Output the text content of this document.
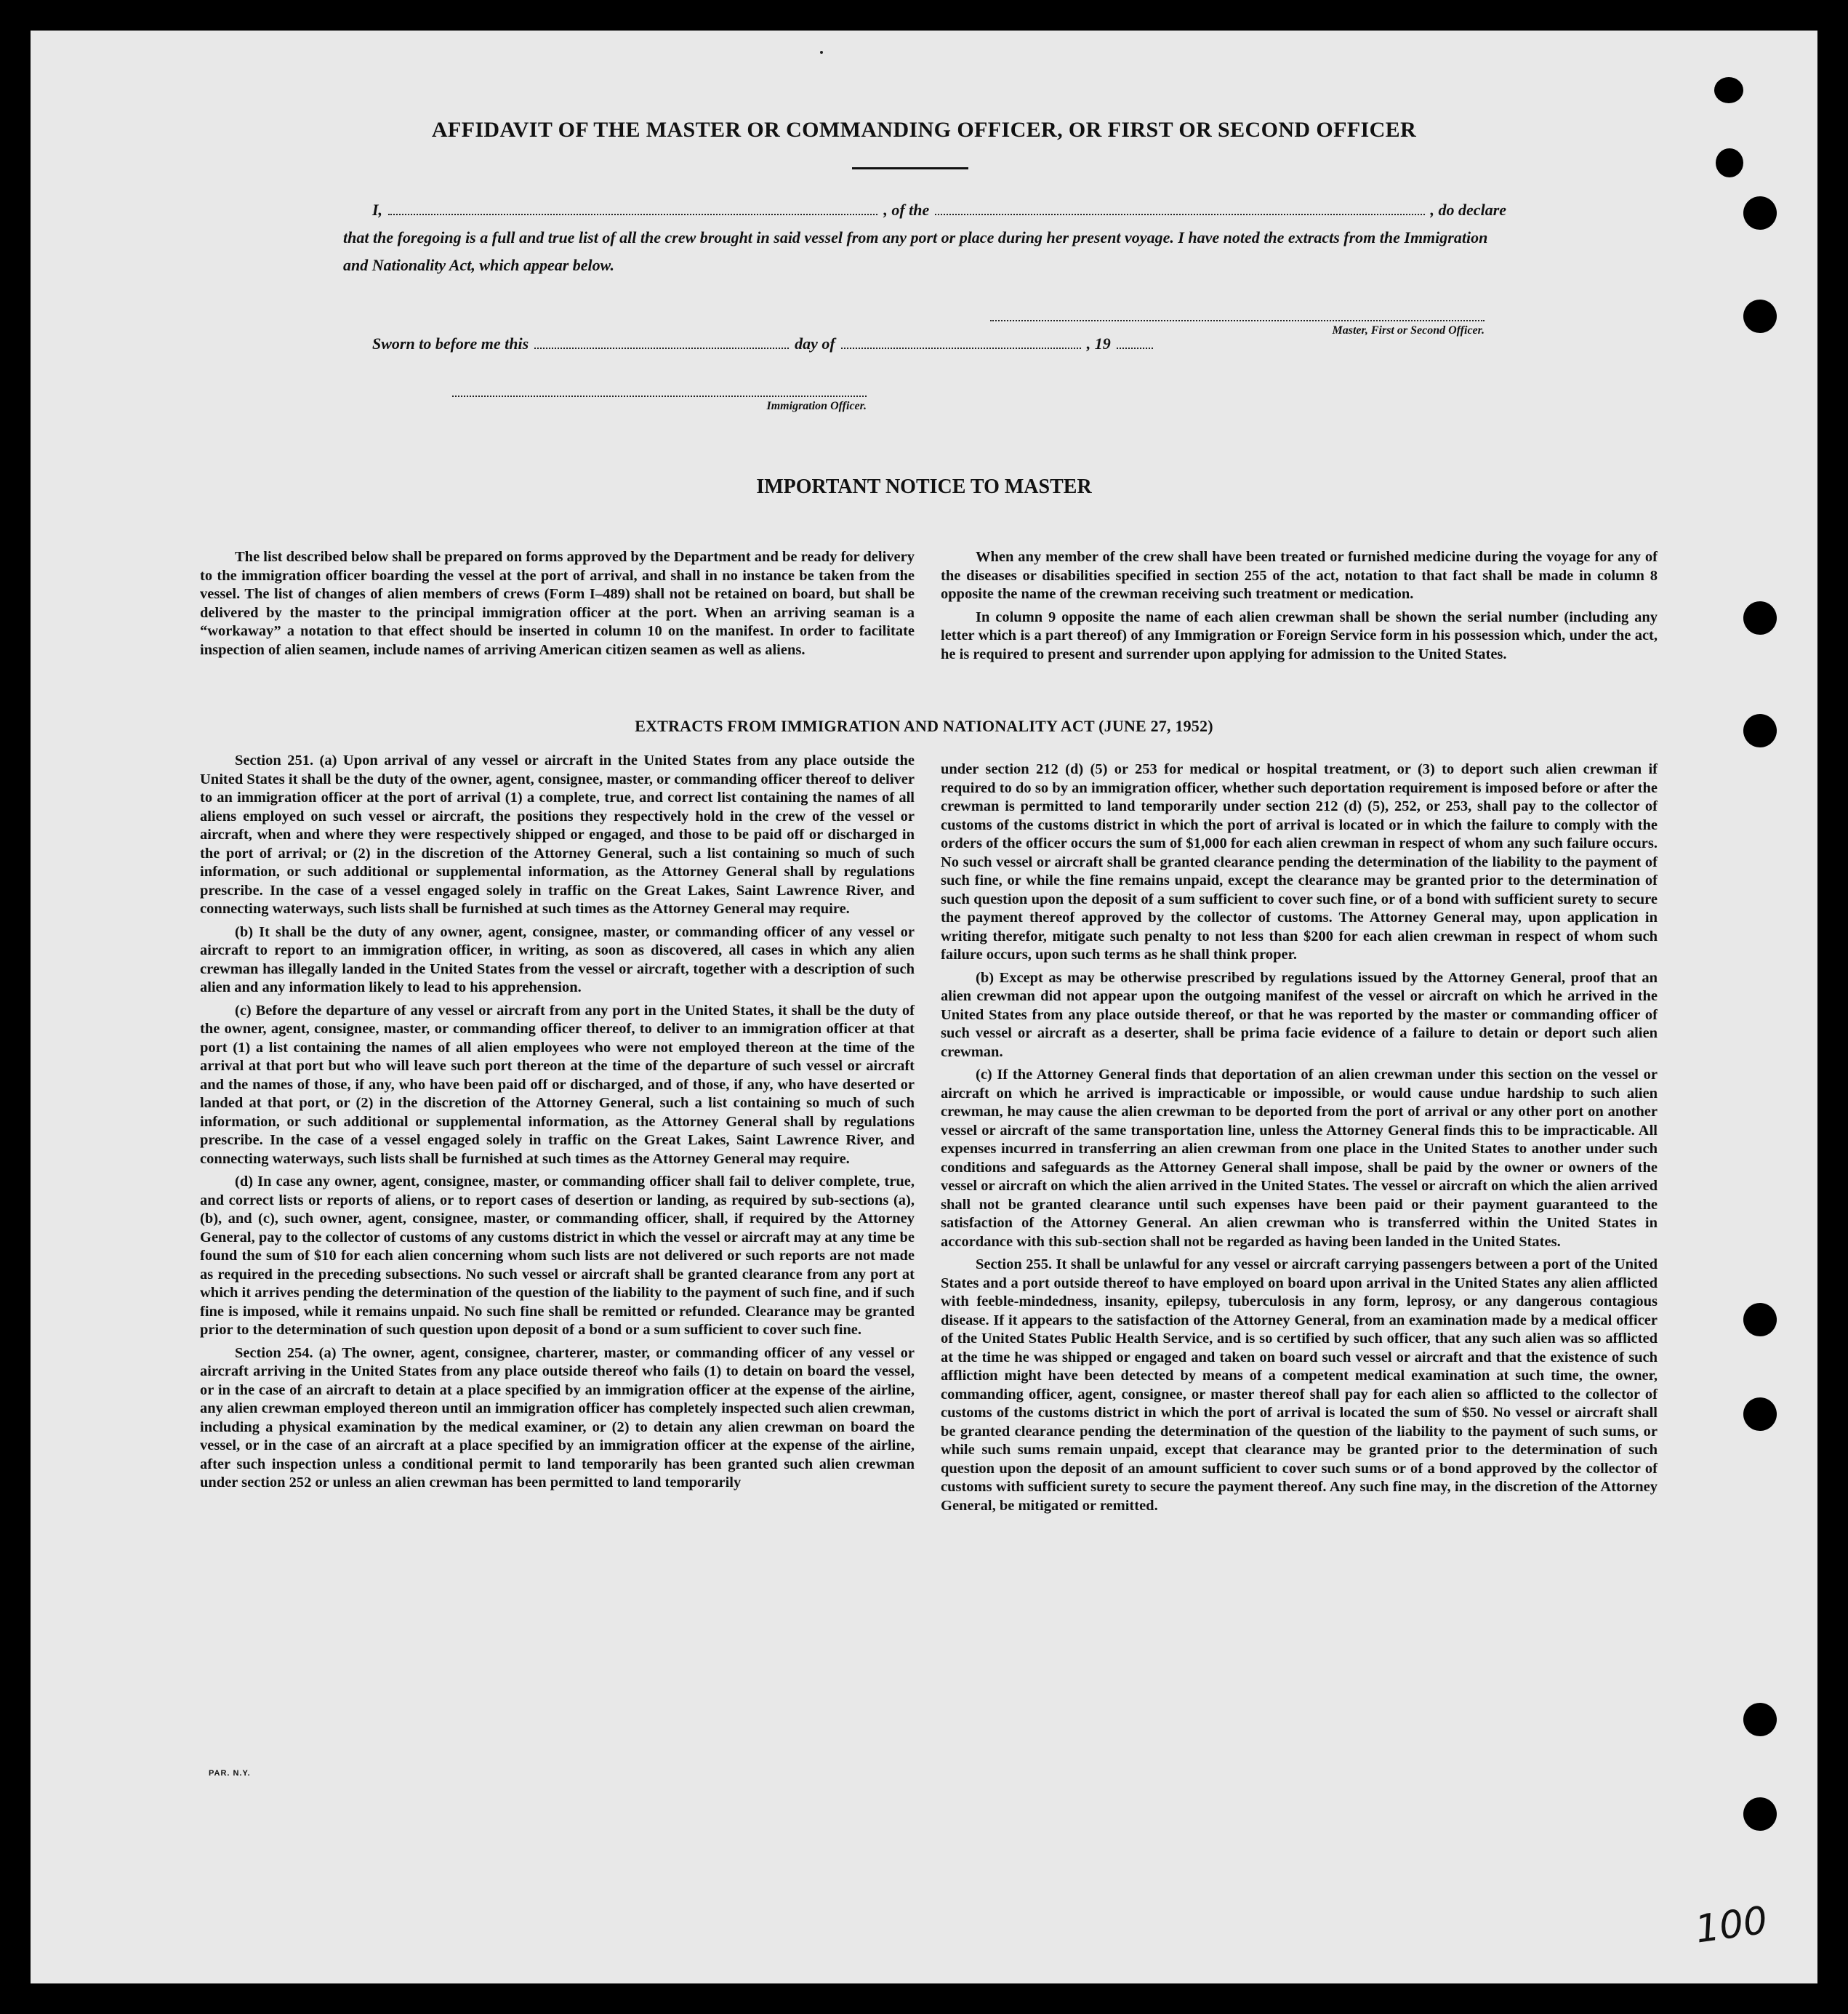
AFFIDAVIT OF THE MASTER OR COMMANDING OFFICER, OR FIRST OR SECOND OFFICER
I,	, of the	, do declare

that the foregoing is a full and true list of all the crew brought in said vessel from any port or place during her present voyage. I have noted the extracts from the Immigration and Nationality Act, which appear below.

Master, First or Second Officer.
Sworn to before me this	day of	, 19
Immigration Officer.
IMPORTANT NOTICE TO MASTER

The list described below shall be prepared on forms approved by the Department and be ready for delivery to the immigration officer boarding the vessel at the port of arrival, and shall in no instance be taken from the vessel. The list of changes of alien members of crews (Form I–489) shall not be retained on board, but shall be delivered by the master to the principal immigration officer at the port. When an arriving seaman is a “workaway” a notation to that effect should be inserted in column 10 on the manifest. In order to facilitate inspection of alien seamen, include names of arriving American citizen seamen as well as aliens.

When any member of the crew shall have been treated or furnished medicine during the voyage for any of the diseases or disabilities specified in section 255 of the act, notation to that fact shall be made in column 8 opposite the name of the crewman receiving such treatment or medication.

In column 9 opposite the name of each alien crewman shall be shown the serial number (including any letter which is a part thereof) of any Immigration or Foreign Service form in his possession which, under the act, he is required to present and surrender upon applying for admission to the United States.

EXTRACTS FROM IMMIGRATION AND NATIONALITY ACT (JUNE 27, 1952)

Section 251. (a) Upon arrival of any vessel or aircraft in the United States from any place outside the United States it shall be the duty of the owner, agent, consignee, master, or commanding officer thereof to deliver to an immigration officer at the port of arrival (1) a complete, true, and correct list containing the names of all aliens employed on such vessel or aircraft, the positions they respectively hold in the crew of the vessel or aircraft, when and where they were respectively shipped or engaged, and those to be paid off or discharged in the port of arrival; or (2) in the discretion of the Attorney General, such a list containing so much of such information, or such additional or supplemental information, as the Attorney General shall by regulations prescribe. In the case of a vessel engaged solely in traffic on the Great Lakes, Saint Lawrence River, and connecting waterways, such lists shall be furnished at such times as the Attorney General may require.

(b) It shall be the duty of any owner, agent, consignee, master, or commanding officer of any vessel or aircraft to report to an immigration officer, in writing, as soon as discovered, all cases in which any alien crewman has illegally landed in the United States from the vessel or aircraft, together with a description of such alien and any information likely to lead to his apprehension.

(c) Before the departure of any vessel or aircraft from any port in the United States, it shall be the duty of the owner, agent, consignee, master, or commanding officer thereof, to deliver to an immigration officer at that port (1) a list containing the names of all alien employees who were not employed thereon at the time of the arrival at that port but who will leave such port thereon at the time of the departure of such vessel or aircraft and the names of those, if any, who have been paid off or discharged, and of those, if any, who have deserted or landed at that port, or (2) in the discretion of the Attorney General, such a list containing so much of such information, or such additional or supplemental information, as the Attorney General shall by regulations prescribe. In the case of a vessel engaged solely in traffic on the Great Lakes, Saint Lawrence River, and connecting waterways, such lists shall be furnished at such times as the Attorney General may require.

(d) In case any owner, agent, consignee, master, or commanding officer shall fail to deliver complete, true, and correct lists or reports of aliens, or to report cases of desertion or landing, as required by sub-sections (a), (b), and (c), such owner, agent, consignee, master, or commanding officer, shall, if required by the Attorney General, pay to the collector of customs of any customs district in which the vessel or aircraft may at any time be found the sum of $10 for each alien concerning whom such lists are not delivered or such reports are not made as required in the preceding subsections. No such vessel or aircraft shall be granted clearance from any port at which it arrives pending the determination of the question of the liability to the payment of such fine, and if such fine is imposed, while it remains unpaid. No such fine shall be remitted or refunded. Clearance may be granted prior to the determination of such question upon deposit of a bond or a sum sufficient to cover such fine.

Section 254. (a) The owner, agent, consignee, charterer, master, or commanding officer of any vessel or aircraft arriving in the United States from any place outside thereof who fails (1) to detain on board the vessel, or in the case of an aircraft to detain at a place specified by an immigration officer at the expense of the airline, any alien crewman employed thereon until an immigration officer has completely inspected such alien crewman, including a physical examination by the medical examiner, or (2) to detain any alien crewman on board the vessel, or in the case of an aircraft at a place specified by an immigration officer at the expense of the airline, after such inspection unless a conditional permit to land temporarily has been granted such alien crewman under section 252 or unless an alien crewman has been permitted to land temporarily

under section 212 (d) (5) or 253 for medical or hospital treatment, or (3) to deport such alien crewman if required to do so by an immigration officer, whether such deportation requirement is imposed before or after the crewman is permitted to land temporarily under section 212 (d) (5), 252, or 253, shall pay to the collector of customs of the customs district in which the port of arrival is located or in which the failure to comply with the orders of the officer occurs the sum of $1,000 for each alien crewman in respect of whom any such failure occurs. No such vessel or aircraft shall be granted clearance pending the determination of the liability to the payment of such fine, or while the fine remains unpaid, except the clearance may be granted prior to the determination of such question upon the deposit of a sum sufficient to cover such fine, or of a bond with sufficient surety to secure the payment thereof approved by the collector of customs. The Attorney General may, upon application in writing therefor, mitigate such penalty to not less than $200 for each alien crewman in respect of whom such failure occurs, upon such terms as he shall think proper.

(b) Except as may be otherwise prescribed by regulations issued by the Attorney General, proof that an alien crewman did not appear upon the outgoing manifest of the vessel or aircraft on which he arrived in the United States from any place outside thereof, or that he was reported by the master or commanding officer of such vessel or aircraft as a deserter, shall be prima facie evidence of a failure to detain or deport such alien crewman.

(c) If the Attorney General finds that deportation of an alien crewman under this section on the vessel or aircraft on which he arrived is impracticable or impossible, or would cause undue hardship to such alien crewman, he may cause the alien crewman to be deported from the port of arrival or any other port on another vessel or aircraft of the same transportation line, unless the Attorney General finds this to be impracticable. All expenses incurred in transferring an alien crewman from one place in the United States to another under such conditions and safeguards as the Attorney General shall impose, shall be paid by the owner or owners of the vessel or aircraft on which the alien arrived in the United States. The vessel or aircraft on which the alien arrived shall not be granted clearance until such expenses have been paid or their payment guaranteed to the satisfaction of the Attorney General. An alien crewman who is transferred within the United States in accordance with this sub-section shall not be regarded as having been landed in the United States.

Section 255. It shall be unlawful for any vessel or aircraft carrying passengers between a port of the United States and a port outside thereof to have employed on board upon arrival in the United States any alien afflicted with feeble-mindedness, insanity, epilepsy, tuberculosis in any form, leprosy, or any dangerous contagious disease. If it appears to the satisfaction of the Attorney General, from an examination made by a medical officer of the United States Public Health Service, and is so certified by such officer, that any such alien was so afflicted at the time he was shipped or engaged and taken on board such vessel or aircraft and that the existence of such affliction might have been detected by means of a competent medical examination at such time, the owner, commanding officer, agent, consignee, or master thereof shall pay for each alien so afflicted to the collector of customs of the customs district in which the port of arrival is located the sum of $50. No vessel or aircraft shall be granted clearance pending the determination of the question of the liability to the payment of such sums, or while such sums remain unpaid, except that clearance may be granted prior to the determination of such question upon the deposit of an amount sufficient to cover such sums or of a bond approved by the collector of customs with sufficient surety to secure the payment thereof. Any such fine may, in the discretion of the Attorney General, be mitigated or remitted.

PAR. N.Y.
100
